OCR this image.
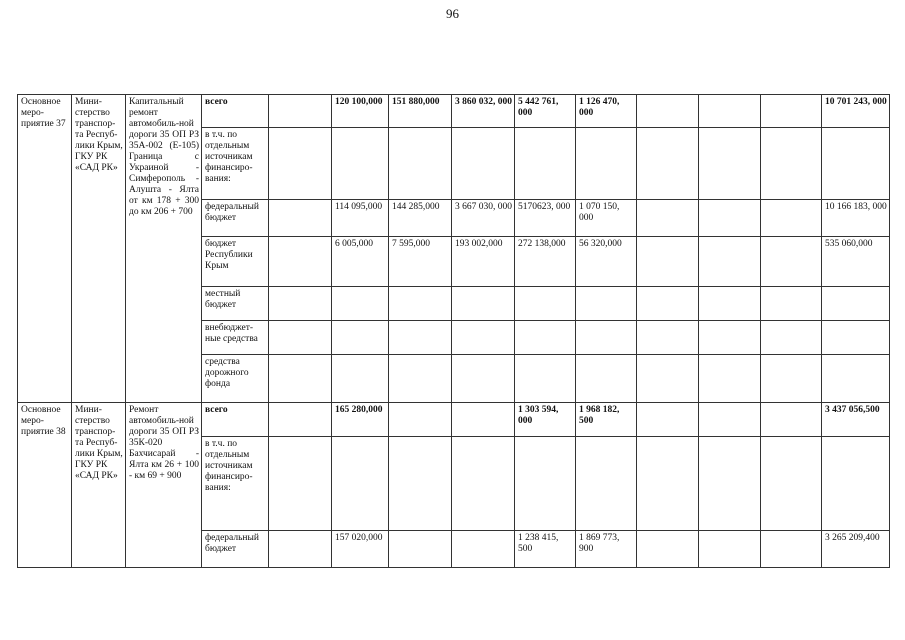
96
Основное меро-приятие 37	Мини-стерство транспор-та Респуб-лики Крым, ГКУ РК «САД РК»	Капитальный ремонт автомобиль-ной дороги 35 ОП РЗ 35А-002 (Е-105) Граница с Украиной - Симферополь - Алушта - Ялта от км 178 + 300 до км 206 + 700	всего		120 100,000	151 880,000	3 860 032, 000	5 442 761, 000	1 126 470, 000				10 701 243, 000
			в т.ч. по отдельным источникам финансиро-вания:										
			федеральный бюджет		114 095,000	144 285,000	3 667 030, 000	5170623, 000	1 070 150, 000				10 166 183, 000
			бюджет Республики Крым		6 005,000	7 595,000	193 002,000	272 138,000	56 320,000				535 060,000
			местный бюджет										
			внебюджет-ные средства										
			средства дорожного фонда										
Основное меро-приятие 38	Мини-стерство транспор-та Респуб-лики Крым, ГКУ РК «САД РК»	Ремонт автомобиль-ной дороги 35 ОП РЗ 35К-020 Бахчисарай - Ялта км 26 + 100 - км 69 + 900	всего		165 280,000			1 303 594, 000	1 968 182, 500				3 437 056,500
			в т.ч. по отдельным источникам финансиро-вания:										
			федеральный бюджет		157 020,000			1 238 415, 500	1 869 773, 900				3 265 209,400
